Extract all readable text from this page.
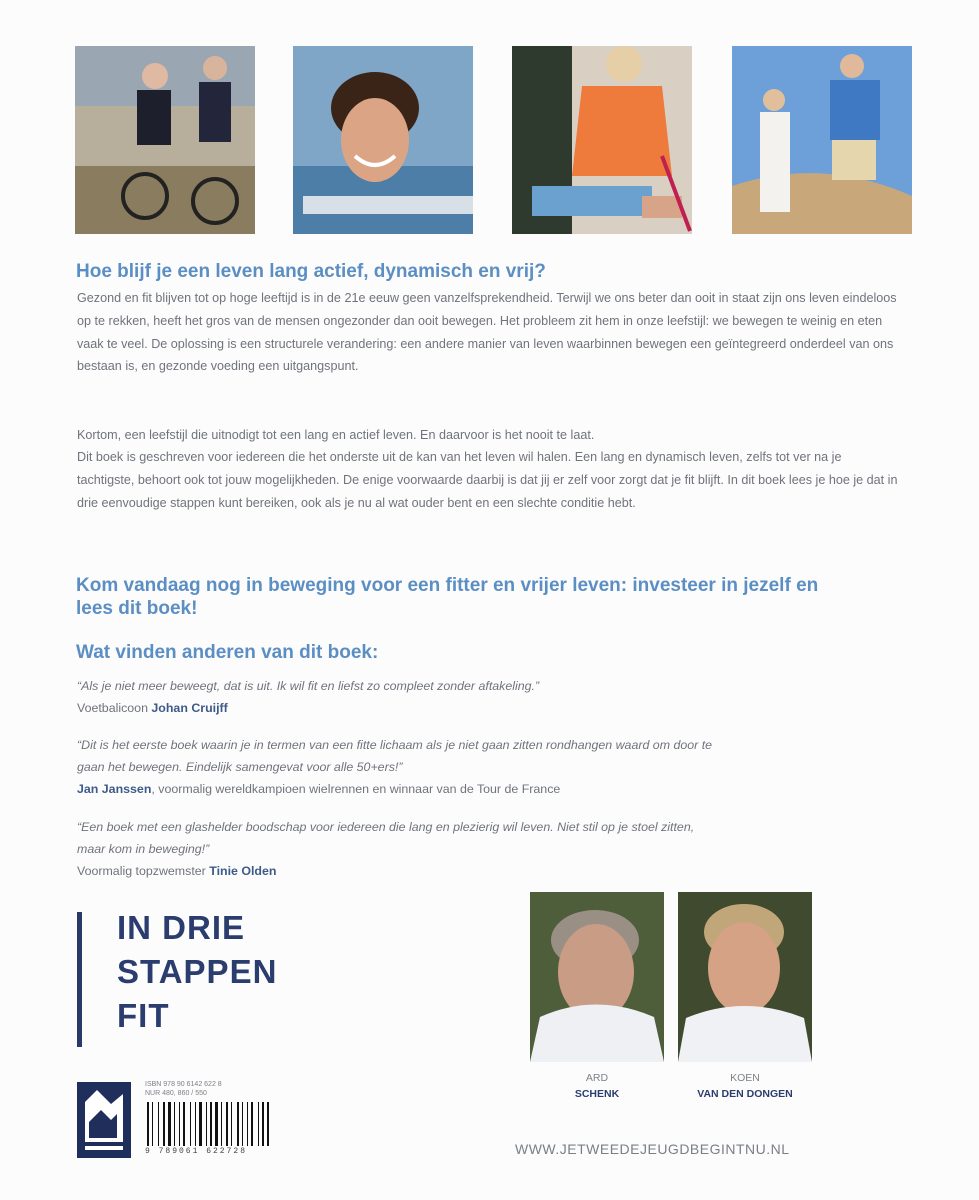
Hoe blijf je een leven lang actief, dynamisch en vrij?

Gezond en fit blijven tot op hoge leeftijd is in de 21e eeuw geen vanzelfsprekendheid. Terwijl we ons beter dan ooit in staat zijn ons leven eindeloos op te rekken, heeft het gros van de mensen ongezonder dan ooit bewegen. Het probleem zit hem in onze leefstijl: we bewegen te weinig en eten vaak te veel. De oplossing is een structurele verandering: een andere manier van leven waarbinnen bewegen een geïntegreerd onderdeel van ons bestaan is, en gezonde voeding een uitgangspunt.

Kortom, een leefstijl die uitnodigt tot een lang en actief leven. En daarvoor is het nooit te laat.

Dit boek is geschreven voor iedereen die het onderste uit de kan van het leven wil halen. Een lang en dynamisch leven, zelfs tot ver na je tachtigste, behoort ook tot jouw mogelijkheden. De enige voorwaarde daarbij is dat jij er zelf voor zorgt dat je fit blijft. In dit boek lees je hoe je dat in drie eenvoudige stappen kunt bereiken, ook als je nu al wat ouder bent en een slechte conditie hebt.

Kom vandaag nog in beweging voor een fitter en vrijer leven: investeer in jezelf en lees dit boek!
Wat vinden anderen van dit boek:

“Als je niet meer beweegt, dat is uit. Ik wil fit en liefst zo compleet zonder aftakeling.”

Voetbalicoon Johan Cruijff

“Dit is het eerste boek waarin je in termen van een fitte lichaam als je niet gaan zitten rondhangen waard om door te gaan het bewegen. Eindelijk samengevat voor alle 50+ers!”

Jan Janssen, voormalig wereldkampioen wielrennen en winnaar van de Tour de France

“Een boek met een glashelder boodschap voor iedereen die lang en plezierig wil leven. Niet stil op je stoel zitten, maar kom in beweging!”

Voormalig topzwemster Tinie Olden

IN DRIE
STAPPEN
FIT
ARD
SCHENK
KOEN
VAN DEN DONGEN
ISBN 978 90 6142 622 8
NUR 480, 860 / 550
9 789061 622728	WWW.JETWEEDEJEUGDBEGINTNU.NL
